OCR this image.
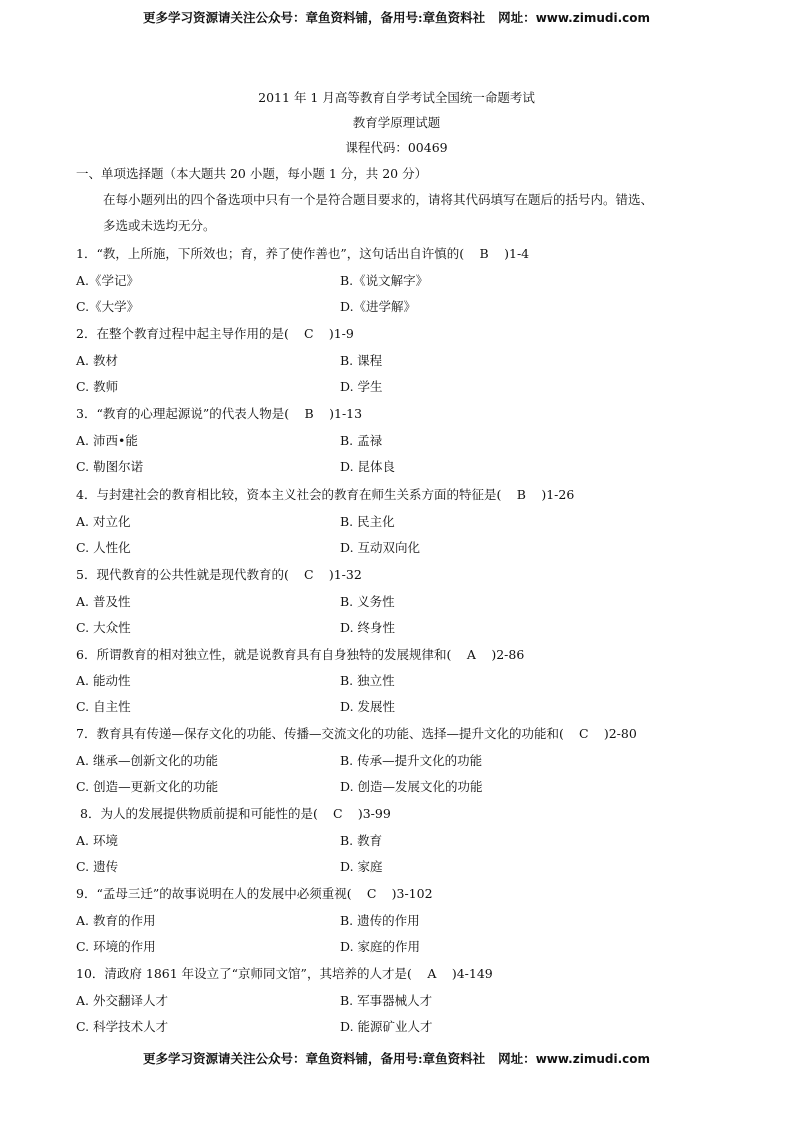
更多学习资源请关注公众号：章鱼资料铺，备用号:章鱼资料社 网址：www.zimudi.com
2011 年 1 月高等教育自学考试全国统一命题考试
教育学原理试题
课程代码：00469
一、单项选择题（本大题共 20 小题，每小题 1 分，共 20 分）
在每小题列出的四个备选项中只有一个是符合题目要求的，请将其代码填写在题后的括号内。错选、
多选或未选均无分。
1．“教，上所施，下所效也；育，养了使作善也”，这句话出自许慎的( B )1-4
A.《学记》	B.《说文解字》
C.《大学》	D.《进学解》
2．在整个教育过程中起主导作用的是( C )1-9
A. 教材	B. 课程
C. 教师	D. 学生
3．“教育的心理起源说”的代表人物是( B )1-13
A. 沛西•能	B. 孟禄
C. 勒图尔诺	D. 昆体良
4．与封建社会的教育相比较，资本主义社会的教育在师生关系方面的特征是( B )1-26
A. 对立化	B. 民主化
C. 人性化	D. 互动双向化
5．现代教育的公共性就是现代教育的( C )1-32
A. 普及性	B. 义务性
C. 大众性	D. 终身性
6．所谓教育的相对独立性，就是说教育具有自身独特的发展规律和( A )2-86
A. 能动性	B. 独立性
C. 自主性	D. 发展性
7．教育具有传递—保存文化的功能、传播—交流文化的功能、选择—提升文化的功能和( C )2-80
A. 继承—创新文化的功能	B. 传承—提升文化的功能
C. 创造—更新文化的功能	D. 创造—发展文化的功能
8．为人的发展提供物质前提和可能性的是( C )3-99
A. 环境	B. 教育
C. 遗传	D. 家庭
9．“孟母三迁”的故事说明在人的发展中必须重视( C )3-102
A. 教育的作用	B. 遗传的作用
C. 环境的作用	D. 家庭的作用
10．清政府 1861 年设立了“京师同文馆”，其培养的人才是( A )4-149
A. 外交翻译人才	B. 军事器械人才
C. 科学技术人才	D. 能源矿业人才
更多学习资源请关注公众号：章鱼资料铺，备用号:章鱼资料社 网址：www.zimudi.com
